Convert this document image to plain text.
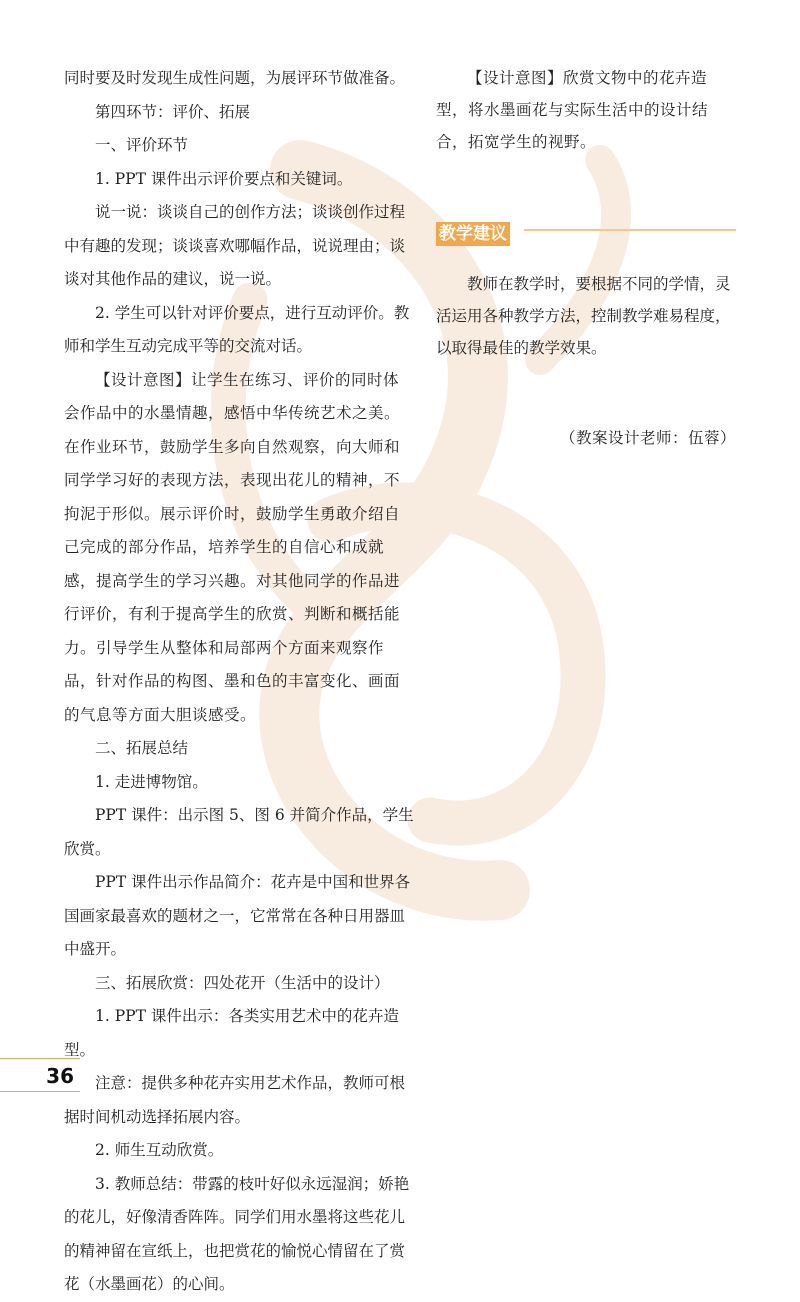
同时要及时发现生成性问题，为展评环节做准备。

第四环节：评价、拓展

一、评价环节

1. PPT 课件出示评价要点和关键词。

说一说：谈谈自己的创作方法；谈谈创作过程中有趣的发现；谈谈喜欢哪幅作品，说说理由；谈谈对其他作品的建议，说一说。

2. 学生可以针对评价要点，进行互动评价。教师和学生互动完成平等的交流对话。

【设计意图】让学生在练习、评价的同时体会作品中的水墨情趣，感悟中华传统艺术之美。在作业环节，鼓励学生多向自然观察，向大师和同学学习好的表现方法，表现出花儿的精神，不拘泥于形似。展示评价时，鼓励学生勇敢介绍自己完成的部分作品，培养学生的自信心和成就感，提高学生的学习兴趣。对其他同学的作品进行评价，有利于提高学生的欣赏、判断和概括能力。引导学生从整体和局部两个方面来观察作品，针对作品的构图、墨和色的丰富变化、画面的气息等方面大胆谈感受。

二、拓展总结

1. 走进博物馆。

PPT 课件：出示图 5、图 6 并简介作品，学生欣赏。

PPT 课件出示作品简介：花卉是中国和世界各国画家最喜欢的题材之一，它常常在各种日用器皿中盛开。

三、拓展欣赏：四处花开（生活中的设计）

1. PPT 课件出示：各类实用艺术中的花卉造型。

注意：提供多种花卉实用艺术作品，教师可根据时间机动选择拓展内容。

2. 师生互动欣赏。

3. 教师总结：带露的枝叶好似永远湿润；娇艳的花儿，好像清香阵阵。同学们用水墨将这些花儿的精神留在宣纸上，也把赏花的愉悦心情留在了赏花（水墨画花）的心间。

【设计意图】欣赏文物中的花卉造型，将水墨画花与实际生活中的设计结合，拓宽学生的视野。

教学建议

教师在教学时，要根据不同的学情，灵活运用各种教学方法，控制教学难易程度，以取得最佳的教学效果。

（教案设计老师：伍蓉）

36
